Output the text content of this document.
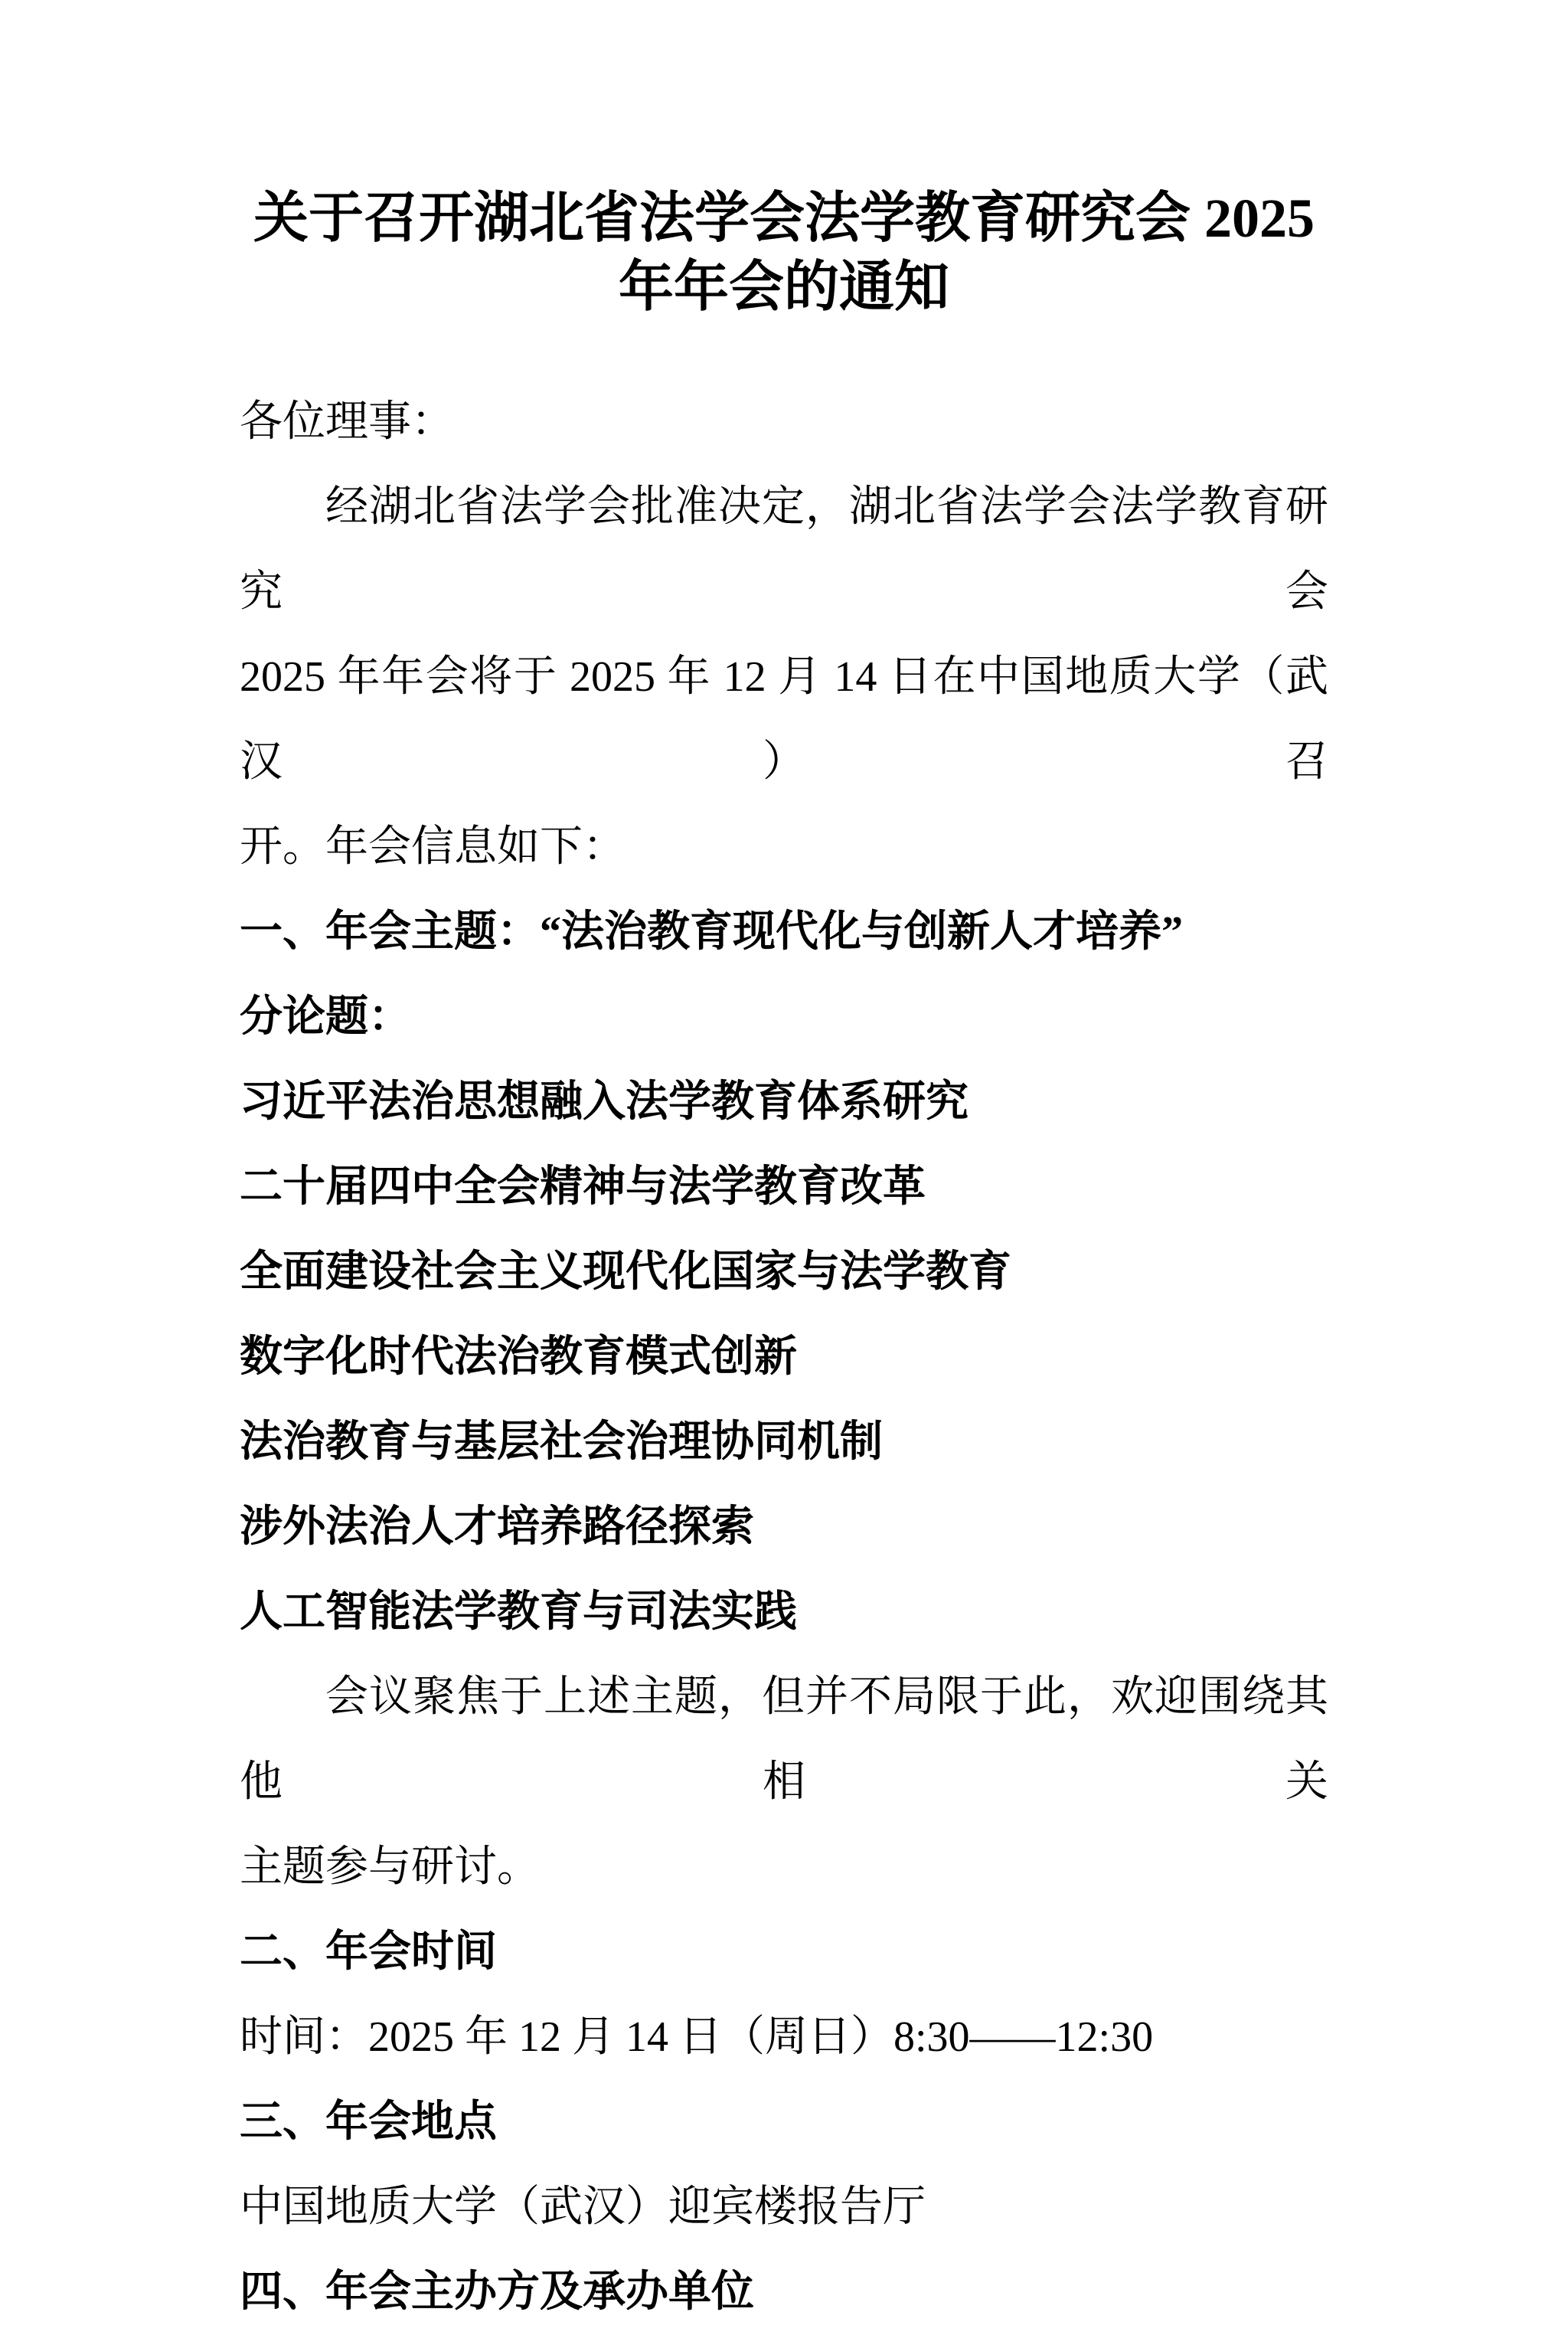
关于召开湖北省法学会法学教育研究会 2025 年年会的通知
各位理事：
经湖北省法学会批准决定，湖北省法学会法学教育研究会
2025 年年会将于 2025 年 12 月 14 日在中国地质大学（武汉）召
开。年会信息如下：
一、年会主题：“法治教育现代化与创新人才培养”
分论题：
习近平法治思想融入法学教育体系研究
二十届四中全会精神与法学教育改革
全面建设社会主义现代化国家与法学教育
数字化时代法治教育模式创新
法治教育与基层社会治理协同机制
涉外法治人才培养路径探索
人工智能法学教育与司法实践
会议聚焦于上述主题，但并不局限于此，欢迎围绕其他相关
主题参与研讨。
二、年会时间
时间：2025 年 12 月 14 日（周日）8:30——12:30
三、年会地点
中国地质大学（武汉）迎宾楼报告厅
四、年会主办方及承办单位
